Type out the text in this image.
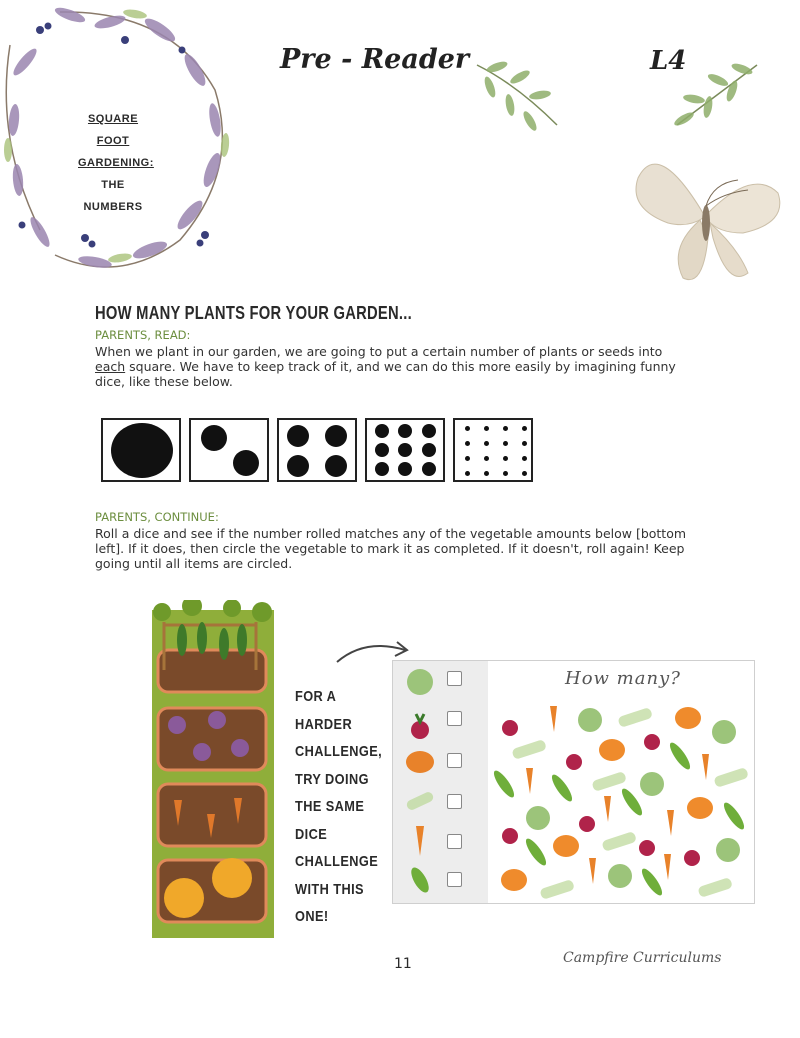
SQUARE FOOT
GARDENING:
THE NUMBERS
Pre - Reader	L4
HOW MANY PLANTS FOR YOUR GARDEN...
PARENTS, READ:
When we plant in our garden, we are going to put a certain number of plants or seeds into each square. We have to keep track of it, and we can do this more easily by imagining funny dice, like these below.
PARENTS, CONTINUE:
Roll a dice and see if the number rolled matches any of the vegetable amounts below [bottom left]. If it does, then circle the vegetable to mark it as completed. If it doesn't, roll again! Keep going until all items are circled.
FOR A HARDER
CHALLENGE,
TRY DOING
THE SAME DICE
CHALLENGE
WITH THIS
ONE!
How many?
11	Campfire Curriculums
